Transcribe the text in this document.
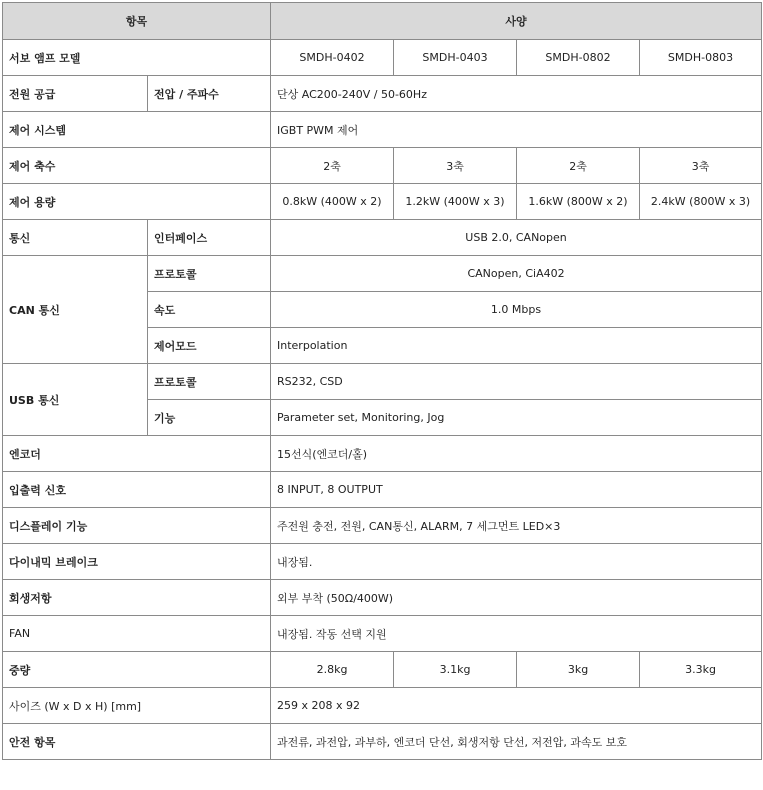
항목		사양			
서보 앰프 모델		SMDH-0402	SMDH-0403	SMDH-0802	SMDH-0803
전원 공급	전압 / 주파수	단상 AC200-240V / 50-60Hz			
제어 시스템		IGBT PWM 제어			
제어 축수		2축	3축	2축	3축
제어 용량		0.8kW (400W x 2)	1.2kW (400W x 3)	1.6kW (800W x 2)	2.4kW (800W x 3)
통신	인터페이스	USB 2.0, CANopen			
CAN 통신	프로토콜	CANopen, CiA402			
	속도	1.0 Mbps			
	제어모드	Interpolation			
USB 통신	프로토콜	RS232, CSD			
	기능	Parameter set, Monitoring, Jog			
엔코더		15선식(엔코더/홀)			
입출력 신호		8 INPUT, 8 OUTPUT			
디스플레이 기능		주전원 충전, 전원, CAN통신, ALARM, 7 세그먼트 LED×3			
다이내믹 브레이크		내장됨.			
회생저항		외부 부착 (50Ω/400W)			
FAN		내장됨. 작동 선택 지원			
중량		2.8kg	3.1kg	3kg	3.3kg
사이즈 (W x D x H) [mm]		259 x 208 x 92			
안전 항목		과전류, 과전압, 과부하, 엔코더 단선, 회생저항 단선, 저전압, 과속도 보호			
